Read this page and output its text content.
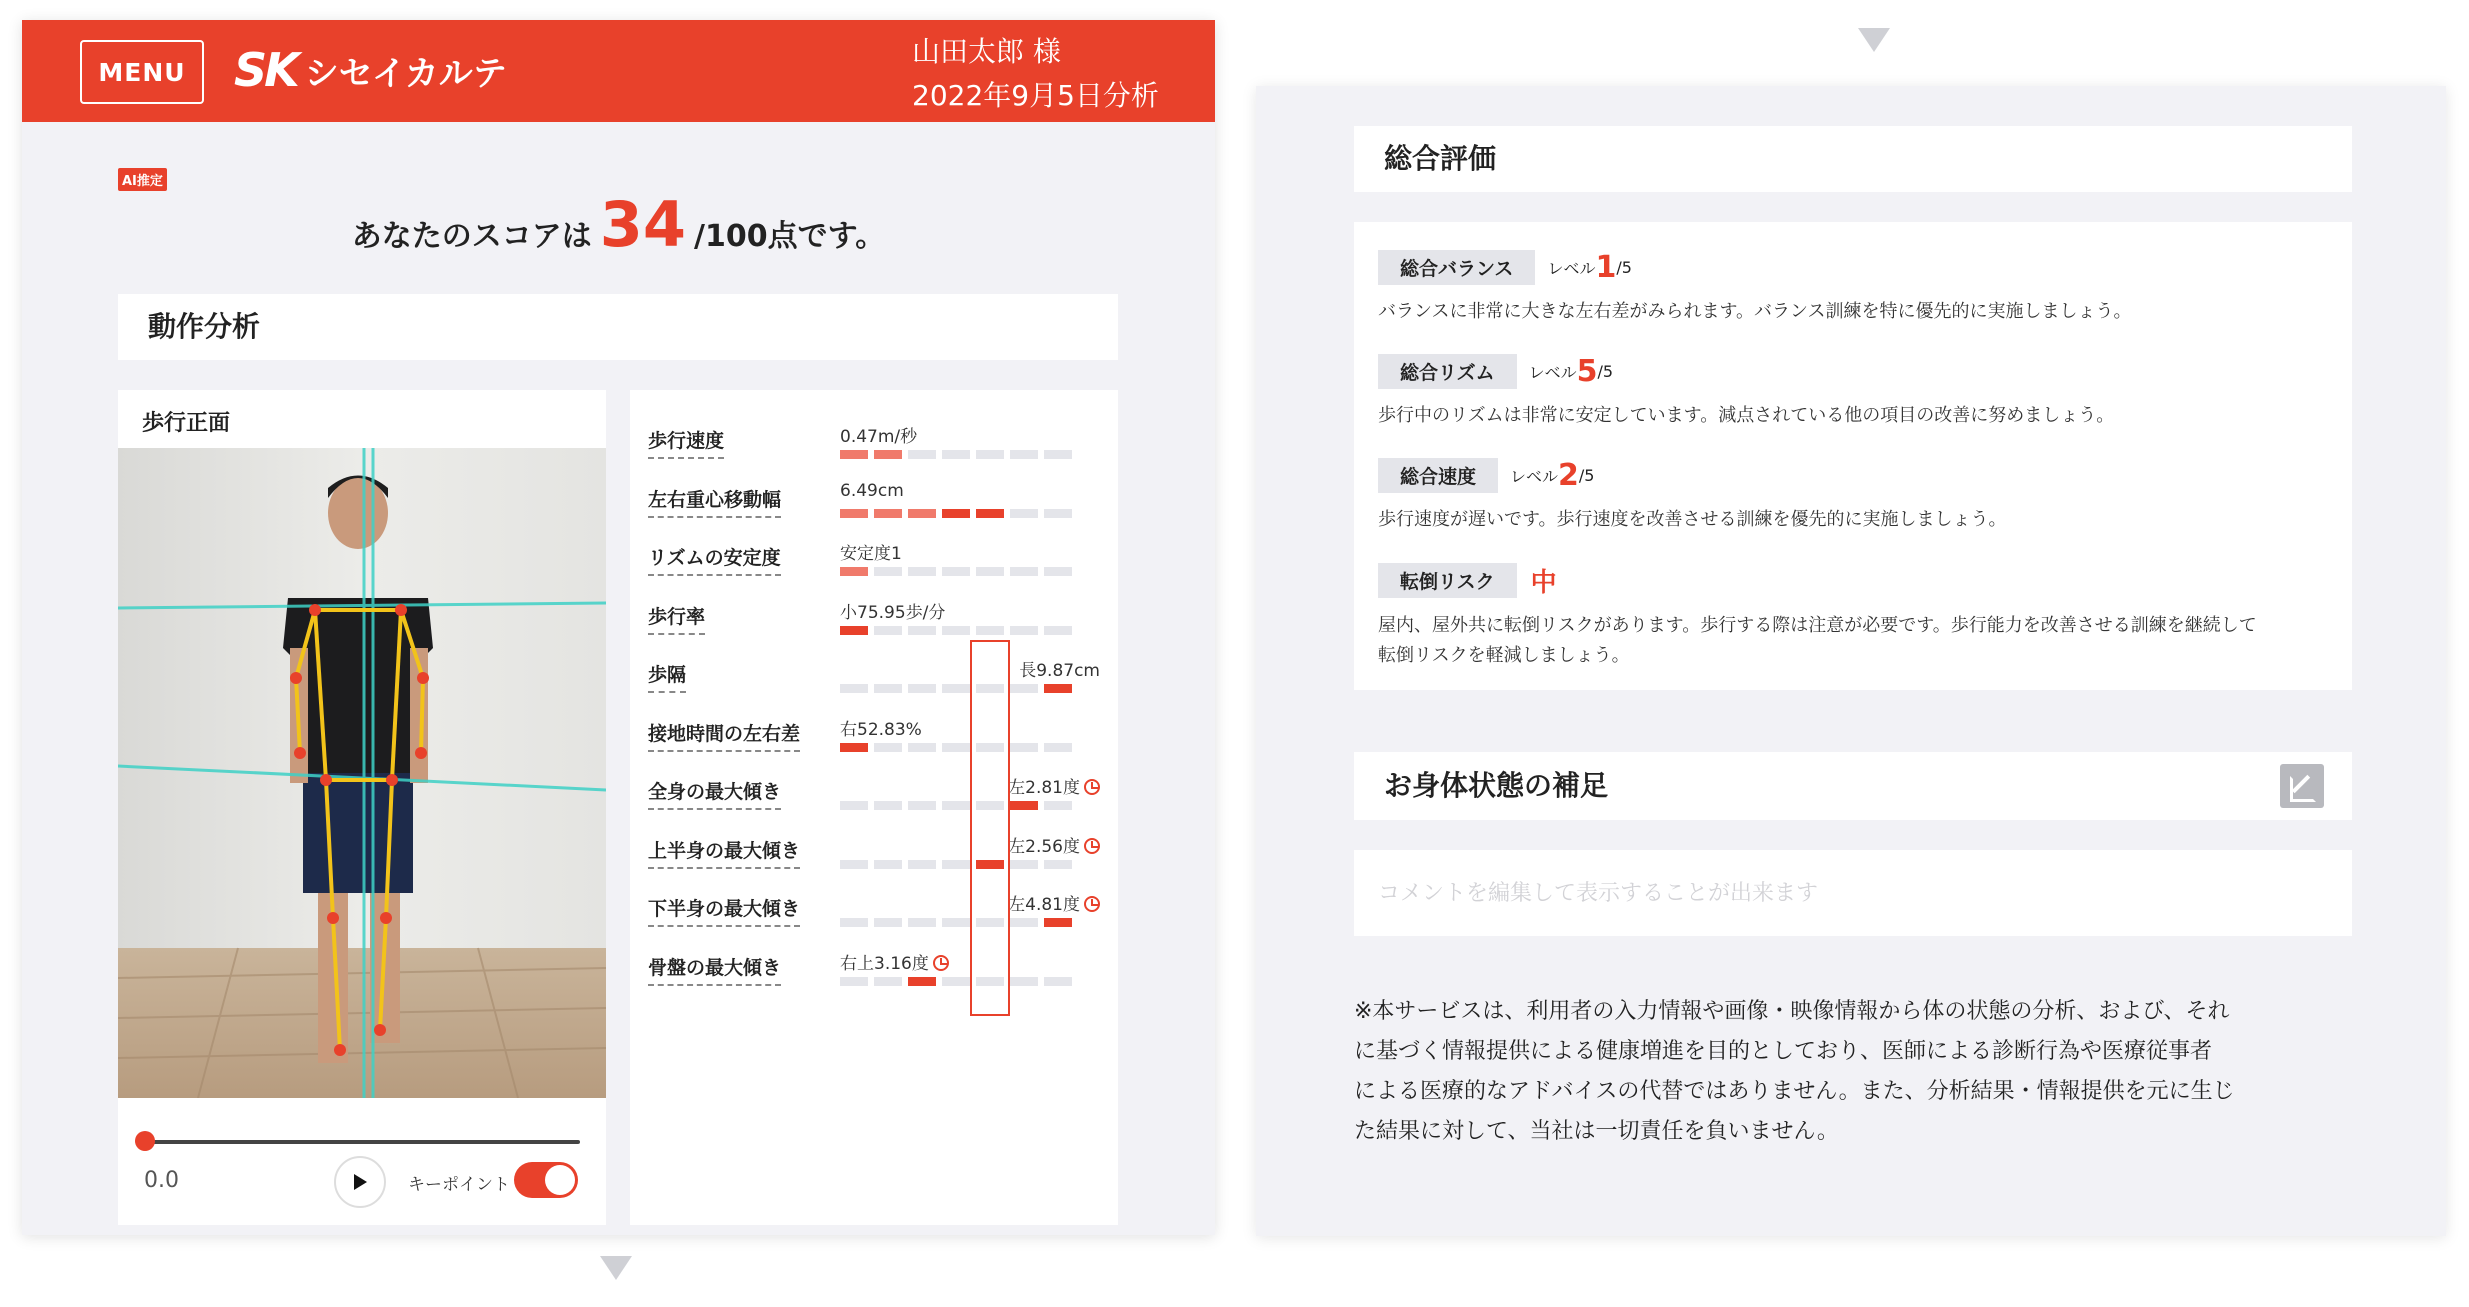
MENU	SK シセイカルテ
山田太郎 様
2022年9月5日分析
AI推定
あなたのスコアは 34 /100点です。
動作分析
歩行正面
0.0	キーポイント
歩行速度	0.47m/秒
左右重心移動幅	6.49cm
リズムの安定度	安定度1
歩行率	小75.95歩/分
歩隔	長9.87cm
接地時間の左右差 右52.83%
全身の最大傾き	左2.81度
上半身の最大傾き	左2.56度
下半身の最大傾き	左4.81度
骨盤の最大傾き	右上3.16度
総合評価
総合バランス レベル1/5
バランスに非常に大きな左右差がみられます。バランス訓練を特に優先的に実施しましょう。
総合リズム レベル5/5
歩行中のリズムは非常に安定しています。減点されている他の項目の改善に努めましょう。
総合速度 レベル2/5
歩行速度が遅いです。歩行速度を改善させる訓練を優先的に実施しましょう。
転倒リスク 中
屋内、屋外共に転倒リスクがあります。歩行する際は注意が必要です。歩行能力を改善させる訓練を継続して
転倒リスクを軽減しましょう。
お身体状態の補足
コメントを編集して表示することが出来ます
※本サービスは、利用者の入力情報や画像・映像情報から体の状態の分析、および、それ
に基づく情報提供による健康増進を目的としており、医師による診断行為や医療従事者
による医療的なアドバイスの代替ではありません。また、分析結果・情報提供を元に生じ
た結果に対して、当社は一切責任を負いません。
